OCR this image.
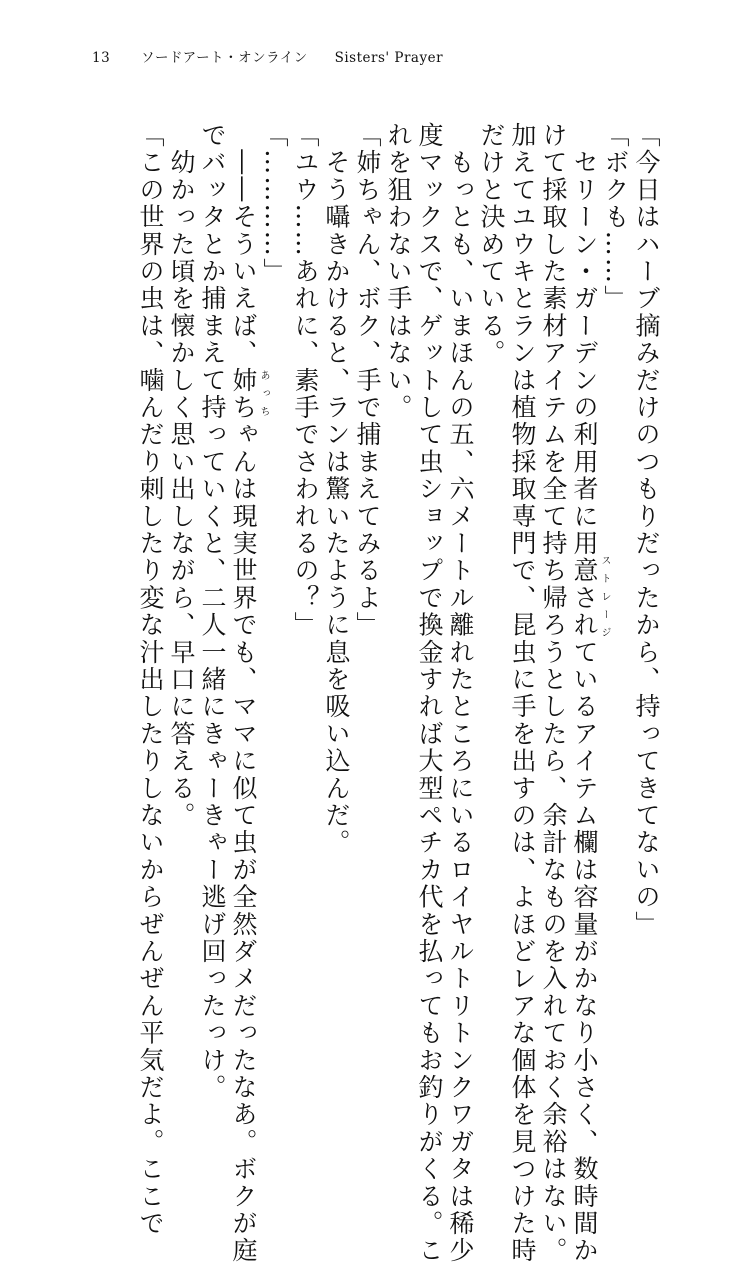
13 ソードアート・オンライン Sisters' Prayer
「今日はハーブ摘みだけのつもりだったから、持ってきてないの」
「ボクも……」
　セリーン・ガーデンの利用者に用意されているアイテム欄は容量がかなり小さく、数時間か
けて採取した素材アイテムを全て持ち帰ろうとしたら、余計なものを入れておく余裕はない。
加えてユウキとランは植物採取専門で、昆虫に手を出すのは、よほどレアな個体を見つけた時
だけと決めている。
　もっとも、いまほんの五、六メートル離れたところにいるロイヤルトリトンクワガタは稀少
度マックスで、ゲットして虫ショップで換金すれば大型ペチカ代を払ってもお釣りがくる。こ
れを狙わない手はない。
「姉ちゃん、ボク、手で捕まえてみるよ」
　そう囁きかけると、ランは驚いたように息を吸い込んだ。
「ユウ……あれに、素手でさわれるの？」
「…………」
　――そういえば、姉ちゃんは現実世界でも、ママに似て虫が全然ダメだったなあ。ボクが庭
でバッタとか捕まえて持っていくと、二人一緒にきゃーきゃー逃げ回ったっけ。
　幼かった頃を懐かしく思い出しながら、早口に答える。
「この世界の虫は、噛んだり刺したり変な汁出したりしないからぜんぜん平気だよ。ここで	ストレージ
あっち
